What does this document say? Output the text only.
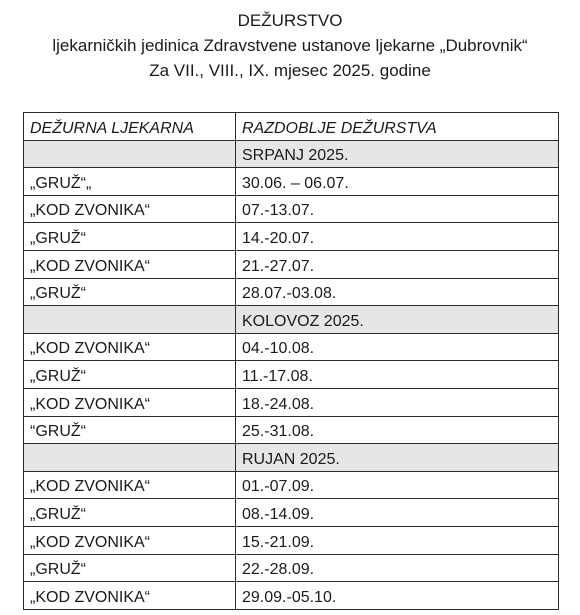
DEŽURSTVO
ljekarničkih jedinica Zdravstvene ustanove ljekarne „Dubrovnik“
Za VII., VIII., IX. mjesec 2025. godine
DEŽURNA LJEKARNA	RAZDOBLJE DEŽURSTVA
	SRPANJ 2025.
„GRUŽ“„	30.06. – 06.07.
„KOD ZVONIKA“	07.-13.07.
„GRUŽ“	14.-20.07.
„KOD ZVONIKA“	21.-27.07.
„GRUŽ“	28.07.-03.08.
	KOLOVOZ 2025.
„KOD ZVONIKA“	04.-10.08.
„GRUŽ“	11.-17.08.
„KOD ZVONIKA“	18.-24.08.
“GRUŽ“	25.-31.08.
	RUJAN 2025.
„KOD ZVONIKA“	01.-07.09.
„GRUŽ“	08.-14.09.
„KOD ZVONIKA“	15.-21.09.
„GRUŽ“	22.-28.09.
„KOD ZVONIKA“	29.09.-05.10.
